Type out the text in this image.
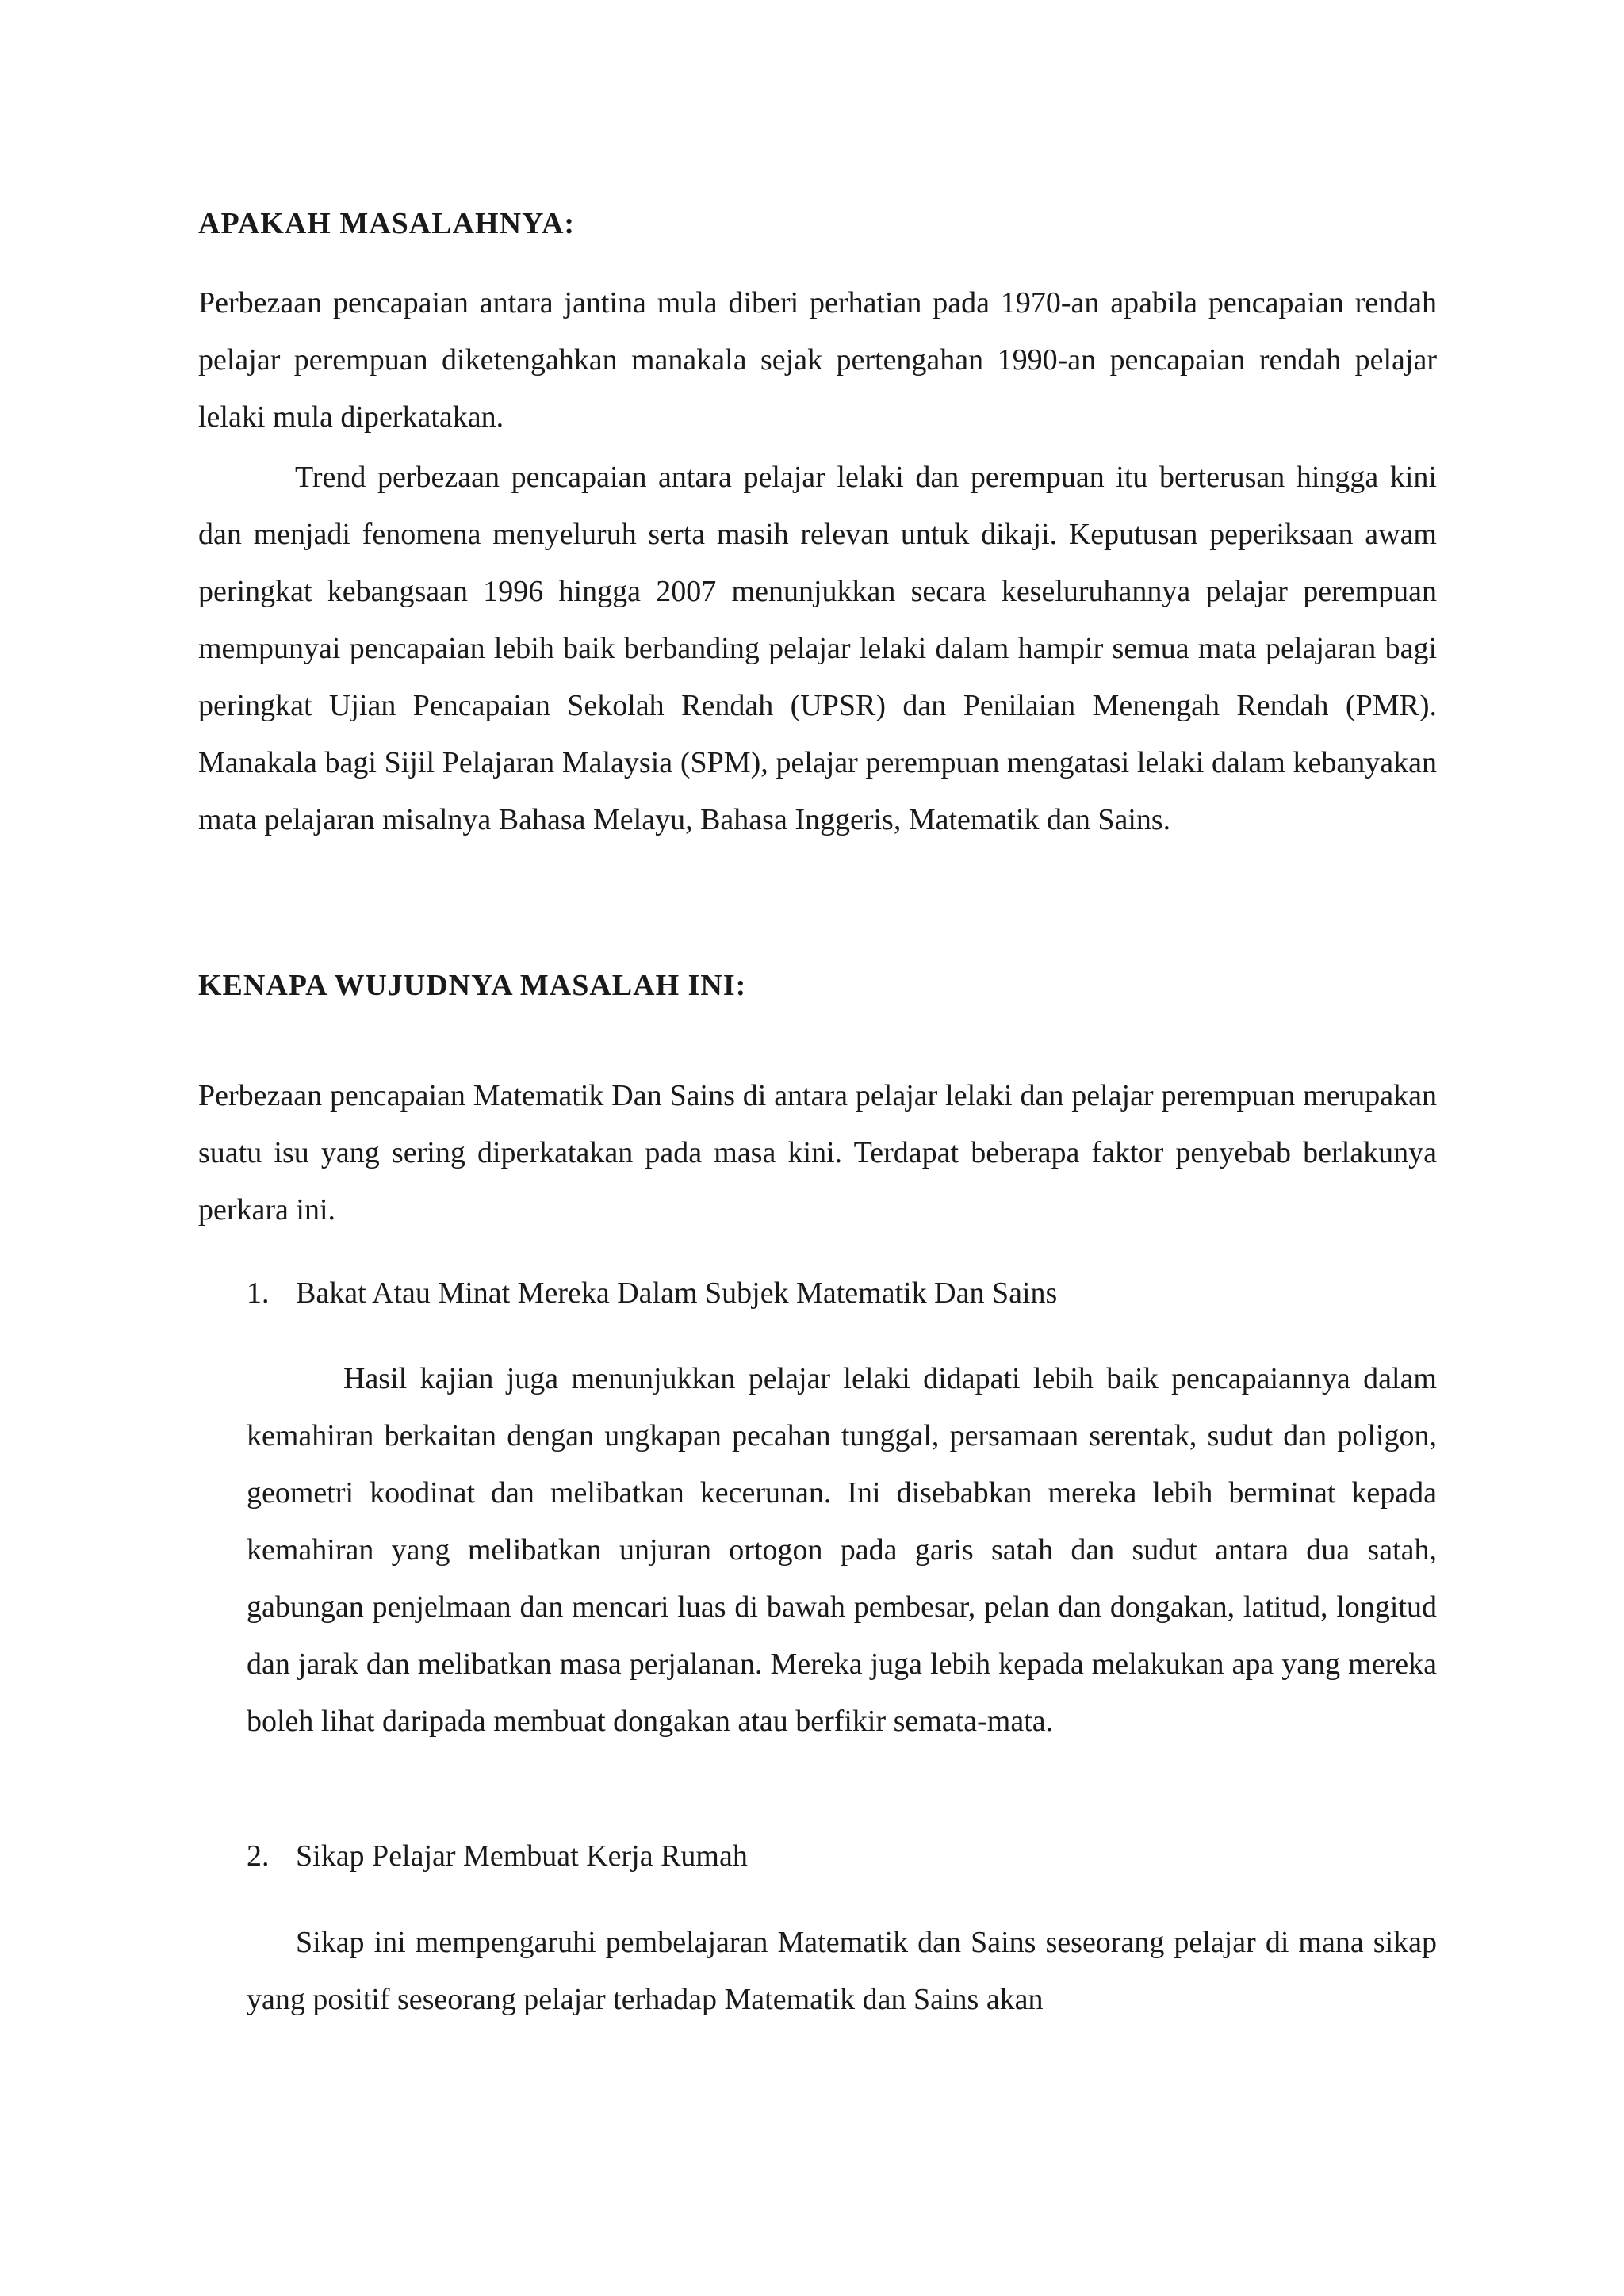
APAKAH MASALAHNYA:

Perbezaan pencapaian antara jantina mula diberi perhatian pada 1970-an apabila pencapaian rendah pelajar perempuan diketengahkan manakala sejak pertengahan 1990-an pencapaian rendah pelajar lelaki mula diperkatakan.

Trend perbezaan pencapaian antara pelajar lelaki dan perempuan itu berterusan hingga kini dan menjadi fenomena menyeluruh serta masih relevan untuk dikaji. Keputusan peperiksaan awam peringkat kebangsaan 1996 hingga 2007 menunjukkan secara keseluruhannya pelajar perempuan mempunyai pencapaian lebih baik berbanding pelajar lelaki dalam hampir semua mata pelajaran bagi peringkat Ujian Pencapaian Sekolah Rendah (UPSR) dan Penilaian Menengah Rendah (PMR). Manakala bagi Sijil Pelajaran Malaysia (SPM), pelajar perempuan mengatasi lelaki dalam kebanyakan mata pelajaran misalnya Bahasa Melayu, Bahasa Inggeris, Matematik dan Sains.

KENAPA WUJUDNYA MASALAH INI:

Perbezaan pencapaian Matematik Dan Sains di antara pelajar lelaki dan pelajar perempuan merupakan suatu isu yang sering diperkatakan pada masa kini. Terdapat beberapa faktor penyebab berlakunya perkara ini.

1. Bakat Atau Minat Mereka Dalam Subjek Matematik Dan Sains

Hasil kajian juga menunjukkan pelajar lelaki didapati lebih baik pencapaiannya dalam kemahiran berkaitan dengan ungkapan pecahan tunggal, persamaan serentak, sudut dan poligon, geometri koodinat dan melibatkan kecerunan. Ini disebabkan mereka lebih berminat kepada kemahiran yang melibatkan unjuran ortogon pada garis satah dan sudut antara dua satah, gabungan penjelmaan dan mencari luas di bawah pembesar, pelan dan dongakan, latitud, longitud dan jarak dan melibatkan masa perjalanan. Mereka juga lebih kepada melakukan apa yang mereka boleh lihat daripada membuat dongakan atau berfikir semata-mata.

2. Sikap Pelajar Membuat Kerja Rumah

Sikap ini mempengaruhi pembelajaran Matematik dan Sains seseorang pelajar di mana sikap yang positif seseorang pelajar terhadap Matematik dan Sains akan
